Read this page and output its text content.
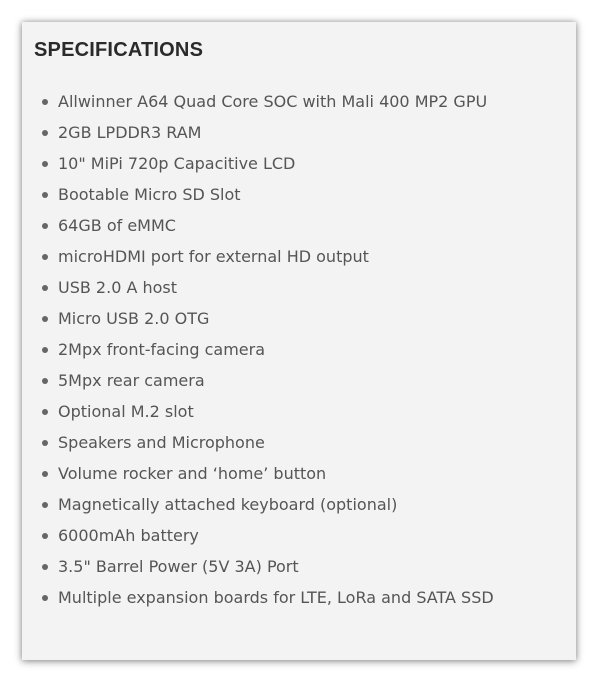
SPECIFICATIONS
Allwinner A64 Quad Core SOC with Mali 400 MP2 GPU
2GB LPDDR3 RAM
10" MiPi 720p Capacitive LCD
Bootable Micro SD Slot
64GB of eMMC
microHDMI port for external HD output
USB 2.0 A host
Micro USB 2.0 OTG
2Mpx front-facing camera
5Mpx rear camera
Optional M.2 slot
Speakers and Microphone
Volume rocker and ‘home’ button
Magnetically attached keyboard (optional)
6000mAh battery
3.5" Barrel Power (5V 3A) Port
Multiple expansion boards for LTE, LoRa and SATA SSD
